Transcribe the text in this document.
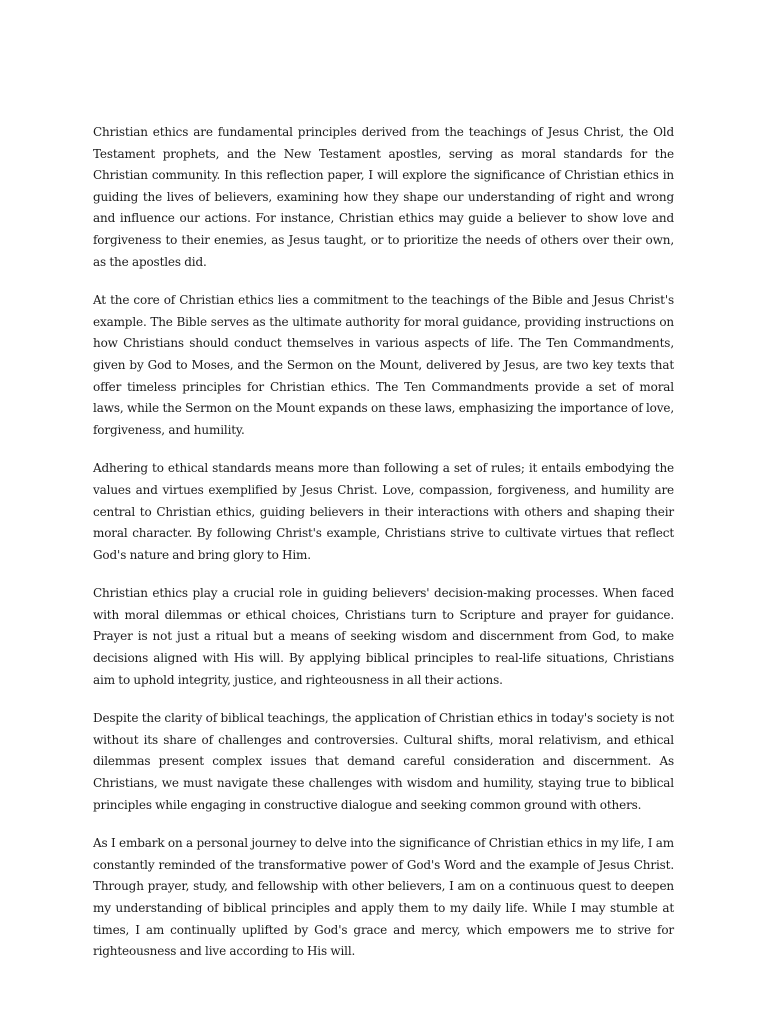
Christian ethics are fundamental principles derived from the teachings of Jesus Christ, the Old Testament prophets, and the New Testament apostles, serving as moral standards for the Christian community. In this reflection paper, I will explore the significance of Christian ethics in guiding the lives of believers, examining how they shape our understanding of right and wrong and influence our actions. For instance, Christian ethics may guide a believer to show love and forgiveness to their enemies, as Jesus taught, or to prioritize the needs of others over their own, as the apostles did.

At the core of Christian ethics lies a commitment to the teachings of the Bible and Jesus Christ's example. The Bible serves as the ultimate authority for moral guidance, providing instructions on how Christians should conduct themselves in various aspects of life. The Ten Commandments, given by God to Moses, and the Sermon on the Mount, delivered by Jesus, are two key texts that offer timeless principles for Christian ethics. The Ten Commandments provide a set of moral laws, while the Sermon on the Mount expands on these laws, emphasizing the importance of love, forgiveness, and humility.

Adhering to ethical standards means more than following a set of rules; it entails embodying the values and virtues exemplified by Jesus Christ. Love, compassion, forgiveness, and humility are central to Christian ethics, guiding believers in their interactions with others and shaping their moral character. By following Christ's example, Christians strive to cultivate virtues that reflect God's nature and bring glory to Him.

Christian ethics play a crucial role in guiding believers' decision-making processes. When faced with moral dilemmas or ethical choices, Christians turn to Scripture and prayer for guidance. Prayer is not just a ritual but a means of seeking wisdom and discernment from God, to make decisions aligned with His will. By applying biblical principles to real-life situations, Christians aim to uphold integrity, justice, and righteousness in all their actions.

Despite the clarity of biblical teachings, the application of Christian ethics in today's society is not without its share of challenges and controversies. Cultural shifts, moral relativism, and ethical dilemmas present complex issues that demand careful consideration and discernment. As Christians, we must navigate these challenges with wisdom and humility, staying true to biblical principles while engaging in constructive dialogue and seeking common ground with others.

As I embark on a personal journey to delve into the significance of Christian ethics in my life, I am constantly reminded of the transformative power of God's Word and the example of Jesus Christ. Through prayer, study, and fellowship with other believers, I am on a continuous quest to deepen my understanding of biblical principles and apply them to my daily life. While I may stumble at times, I am continually uplifted by God's grace and mercy, which empowers me to strive for righteousness and live according to His will.
